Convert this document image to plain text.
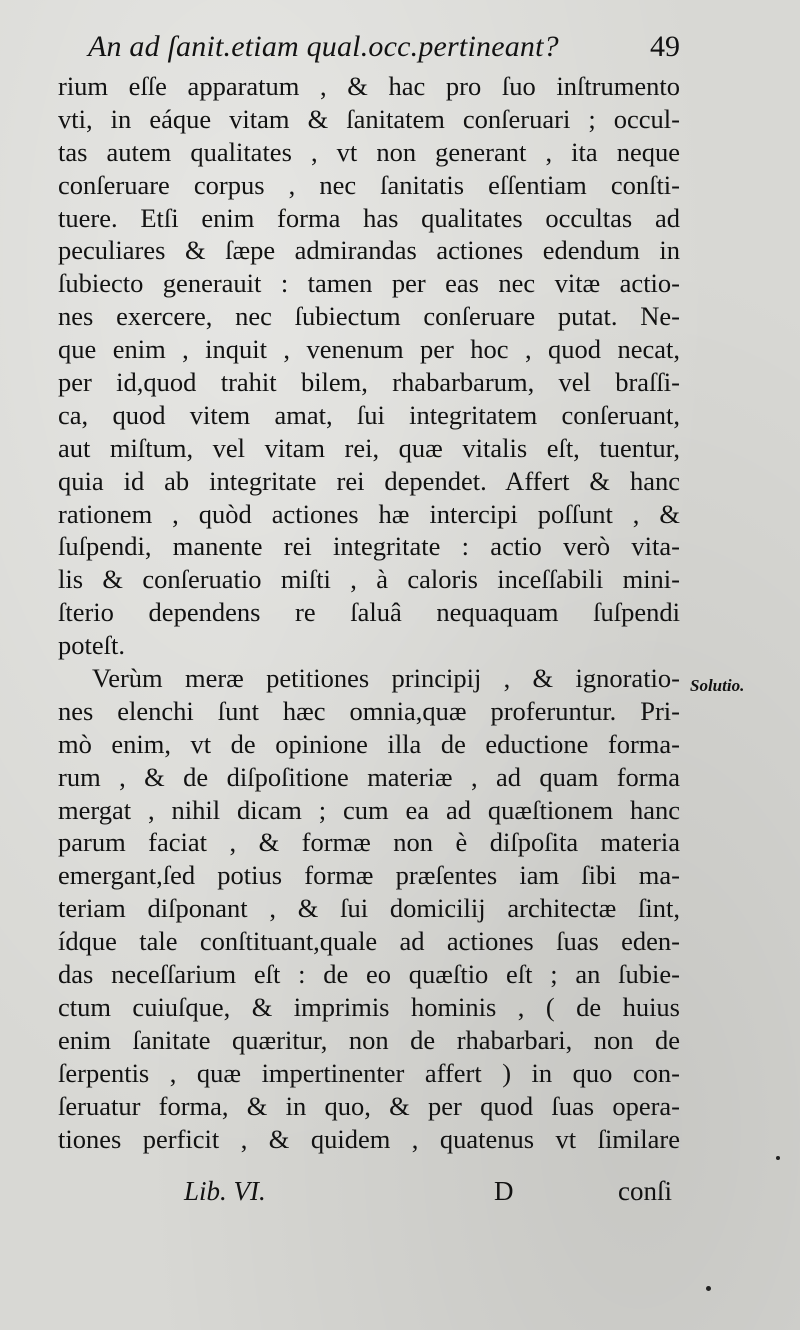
An ad ſanit.etiam qual.occ.pertineant?	49
rium eſſe apparatum , & hac pro ſuo inſtrumento
vti, in eáque vitam & ſanitatem conſeruari ; occul-
tas autem qualitates , vt non generant , ita neque
conſeruare corpus , nec ſanitatis eſſentiam conſti-
tuere. Etſi enim forma has qualitates occultas ad
peculiares & ſæpe admirandas actiones edendum in
ſubiecto generauit : tamen per eas nec vitæ actio-
nes exercere, nec ſubiectum conſeruare putat. Ne-
que enim , inquit , venenum per hoc , quod necat,
per id,quod trahit bilem, rhabarbarum, vel braſſi-
ca, quod vitem amat, ſui integritatem conſeruant,
aut miſtum, vel vitam rei, quæ vitalis eſt, tuentur,
quia id ab integritate rei dependet. Affert & hanc
rationem , quòd actiones hæ intercipi poſſunt , &
ſuſpendi, manente rei integritate : actio verò vita-
lis & conſeruatio miſti , à caloris inceſſabili mini-
ſterio dependens re ſaluâ nequaquam ſuſpendi
poteſt.
Verùm meræ petitiones principij , & ignoratio-
nes elenchi ſunt hæc omnia,quæ proferuntur. Pri-
mò enim, vt de opinione illa de eductione forma-
rum , & de diſpoſitione materiæ , ad quam forma
mergat , nihil dicam ; cum ea ad quæſtionem hanc
parum faciat , & formæ non è diſpoſita materia
emergant,ſed potius formæ præſentes iam ſibi ma-
teriam diſponant , & ſui domicilij architectæ ſint,
ídque tale conſtituant,quale ad actiones ſuas eden-
das neceſſarium eſt : de eo quæſtio eſt ; an ſubie-
ctum cuiuſque, & imprimis hominis , ( de huius
enim ſanitate quæritur, non de rhabarbari, non de
ſerpentis , quæ impertinenter affert ) in quo con-
ſeruatur forma, & in quo, & per quod ſuas opera-
tiones perficit , & quidem , quatenus vt ſimilare
Solutio.
Lib. VI.	D	conſi
